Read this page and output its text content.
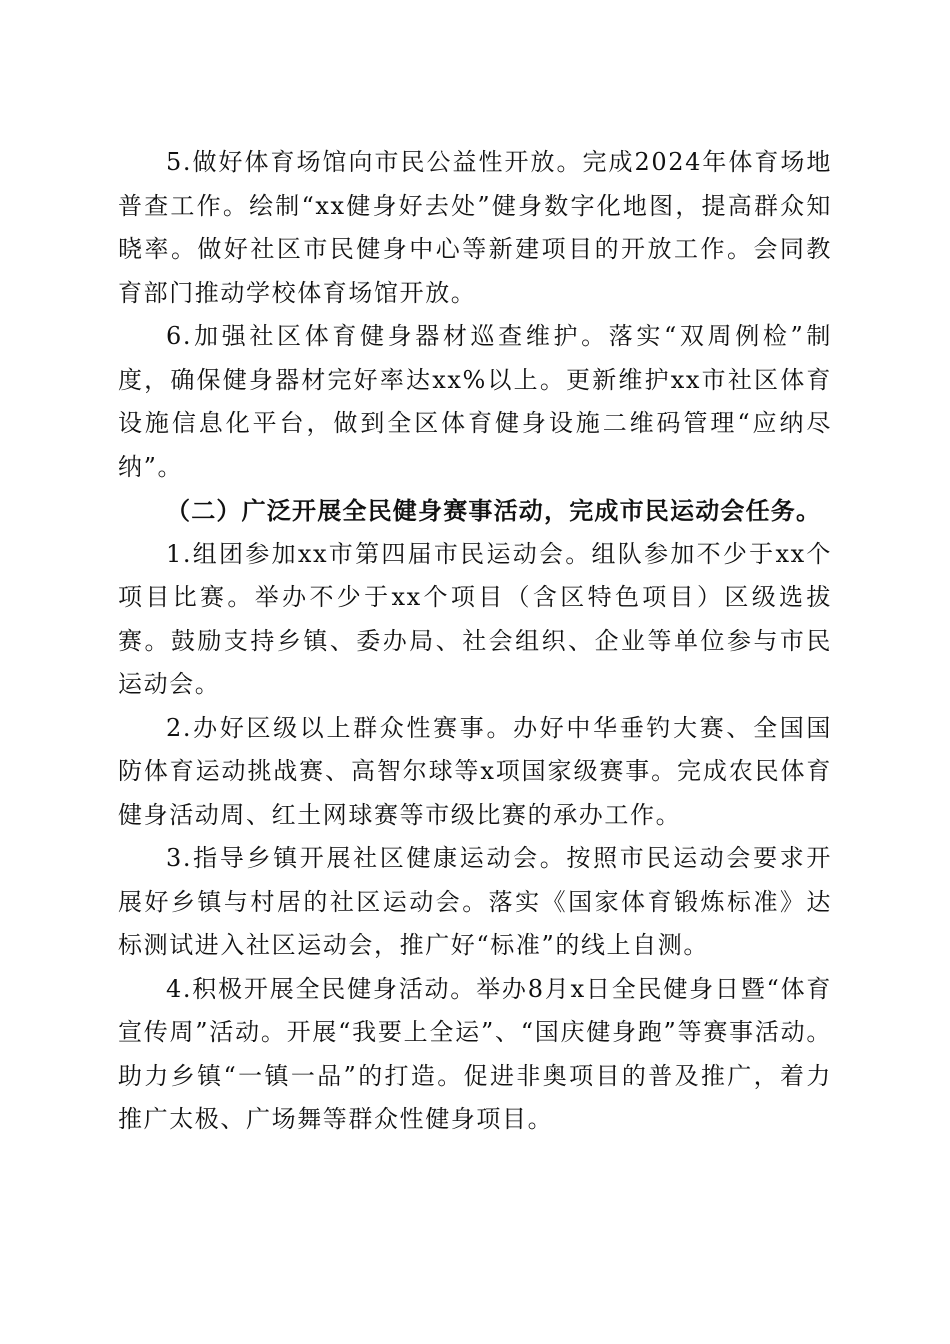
5.做好体育场馆向市民公益性开放。完成2024年体育场地普查工作。绘制“xx健身好去处”健身数字化地图，提高群众知晓率。做好社区市民健身中心等新建项目的开放工作。会同教育部门推动学校体育场馆开放。

6.加强社区体育健身器材巡查维护。落实“双周例检”制度，确保健身器材完好率达xx%以上。更新维护xx市社区体育设施信息化平台，做到全区体育健身设施二维码管理“应纳尽纳”。

（二）广泛开展全民健身赛事活动，完成市民运动会任务。

1.组团参加xx市第四届市民运动会。组队参加不少于xx个项目比赛。举办不少于xx个项目（含区特色项目）区级选拔赛。鼓励支持乡镇、委办局、社会组织、企业等单位参与市民运动会。

2.办好区级以上群众性赛事。办好中华垂钓大赛、全国国防体育运动挑战赛、高智尔球等x项国家级赛事。完成农民体育健身活动周、红土网球赛等市级比赛的承办工作。

3.指导乡镇开展社区健康运动会。按照市民运动会要求开展好乡镇与村居的社区运动会。落实《国家体育锻炼标准》达标测试进入社区运动会，推广好“标准”的线上自测。

4.积极开展全民健身活动。举办8月x日全民健身日暨“体育宣传周”活动。开展“我要上全运”、“国庆健身跑”等赛事活动。助力乡镇“一镇一品”的打造。促进非奥项目的普及推广，着力推广太极、广场舞等群众性健身项目。
